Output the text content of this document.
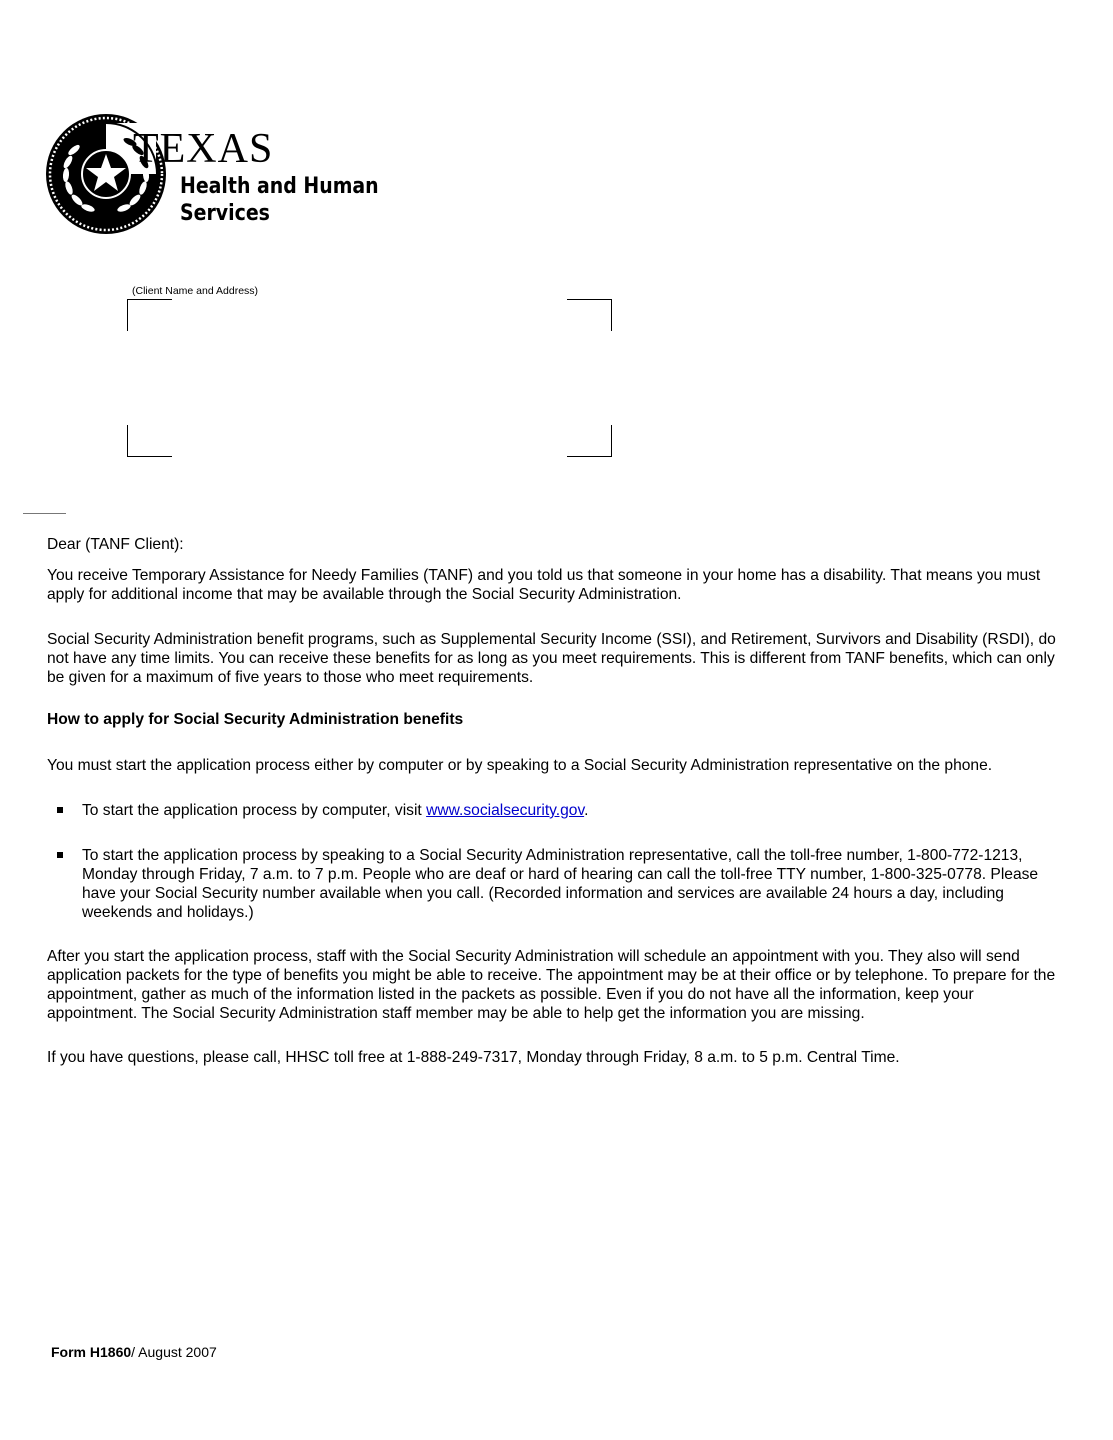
TEXAS
Health and Human
Services
(Client Name and Address)

Dear (TANF Client):

You receive Temporary Assistance for Needy Families (TANF) and you told us that someone in your home has a disability. That means you must apply for additional income that may be available through the Social Security Administration.

Social Security Administration benefit programs, such as Supplemental Security Income (SSI), and Retirement, Survivors and Disability (RSDI), do not have any time limits. You can receive these benefits for as long as you meet requirements. This is different from TANF benefits, which can only be given for a maximum of five years to those who meet requirements.

How to apply for Social Security Administration benefits

You must start the application process either by computer or by speaking to a Social Security Administration representative on the phone.

To start the application process by computer, visit www.socialsecurity.gov.

To start the application process by speaking to a Social Security Administration representative, call the toll-free number, 1-800-772-1213, Monday through Friday, 7 a.m. to 7 p.m. People who are deaf or hard of hearing can call the toll-free TTY number, 1-800-325-0778. Please have your Social Security number available when you call. (Recorded information and services are available 24 hours a day, including weekends and holidays.)

After you start the application process, staff with the Social Security Administration will schedule an appointment with you. They also will send application packets for the type of benefits you might be able to receive. The appointment may be at their office or by telephone. To prepare for the appointment, gather as much of the information listed in the packets as possible. Even if you do not have all the information, keep your appointment. The Social Security Administration staff member may be able to help get the information you are missing.

If you have questions, please call, HHSC toll free at 1-888-249-7317, Monday through Friday, 8 a.m. to 5 p.m. Central Time.

Form H1860/ August 2007
